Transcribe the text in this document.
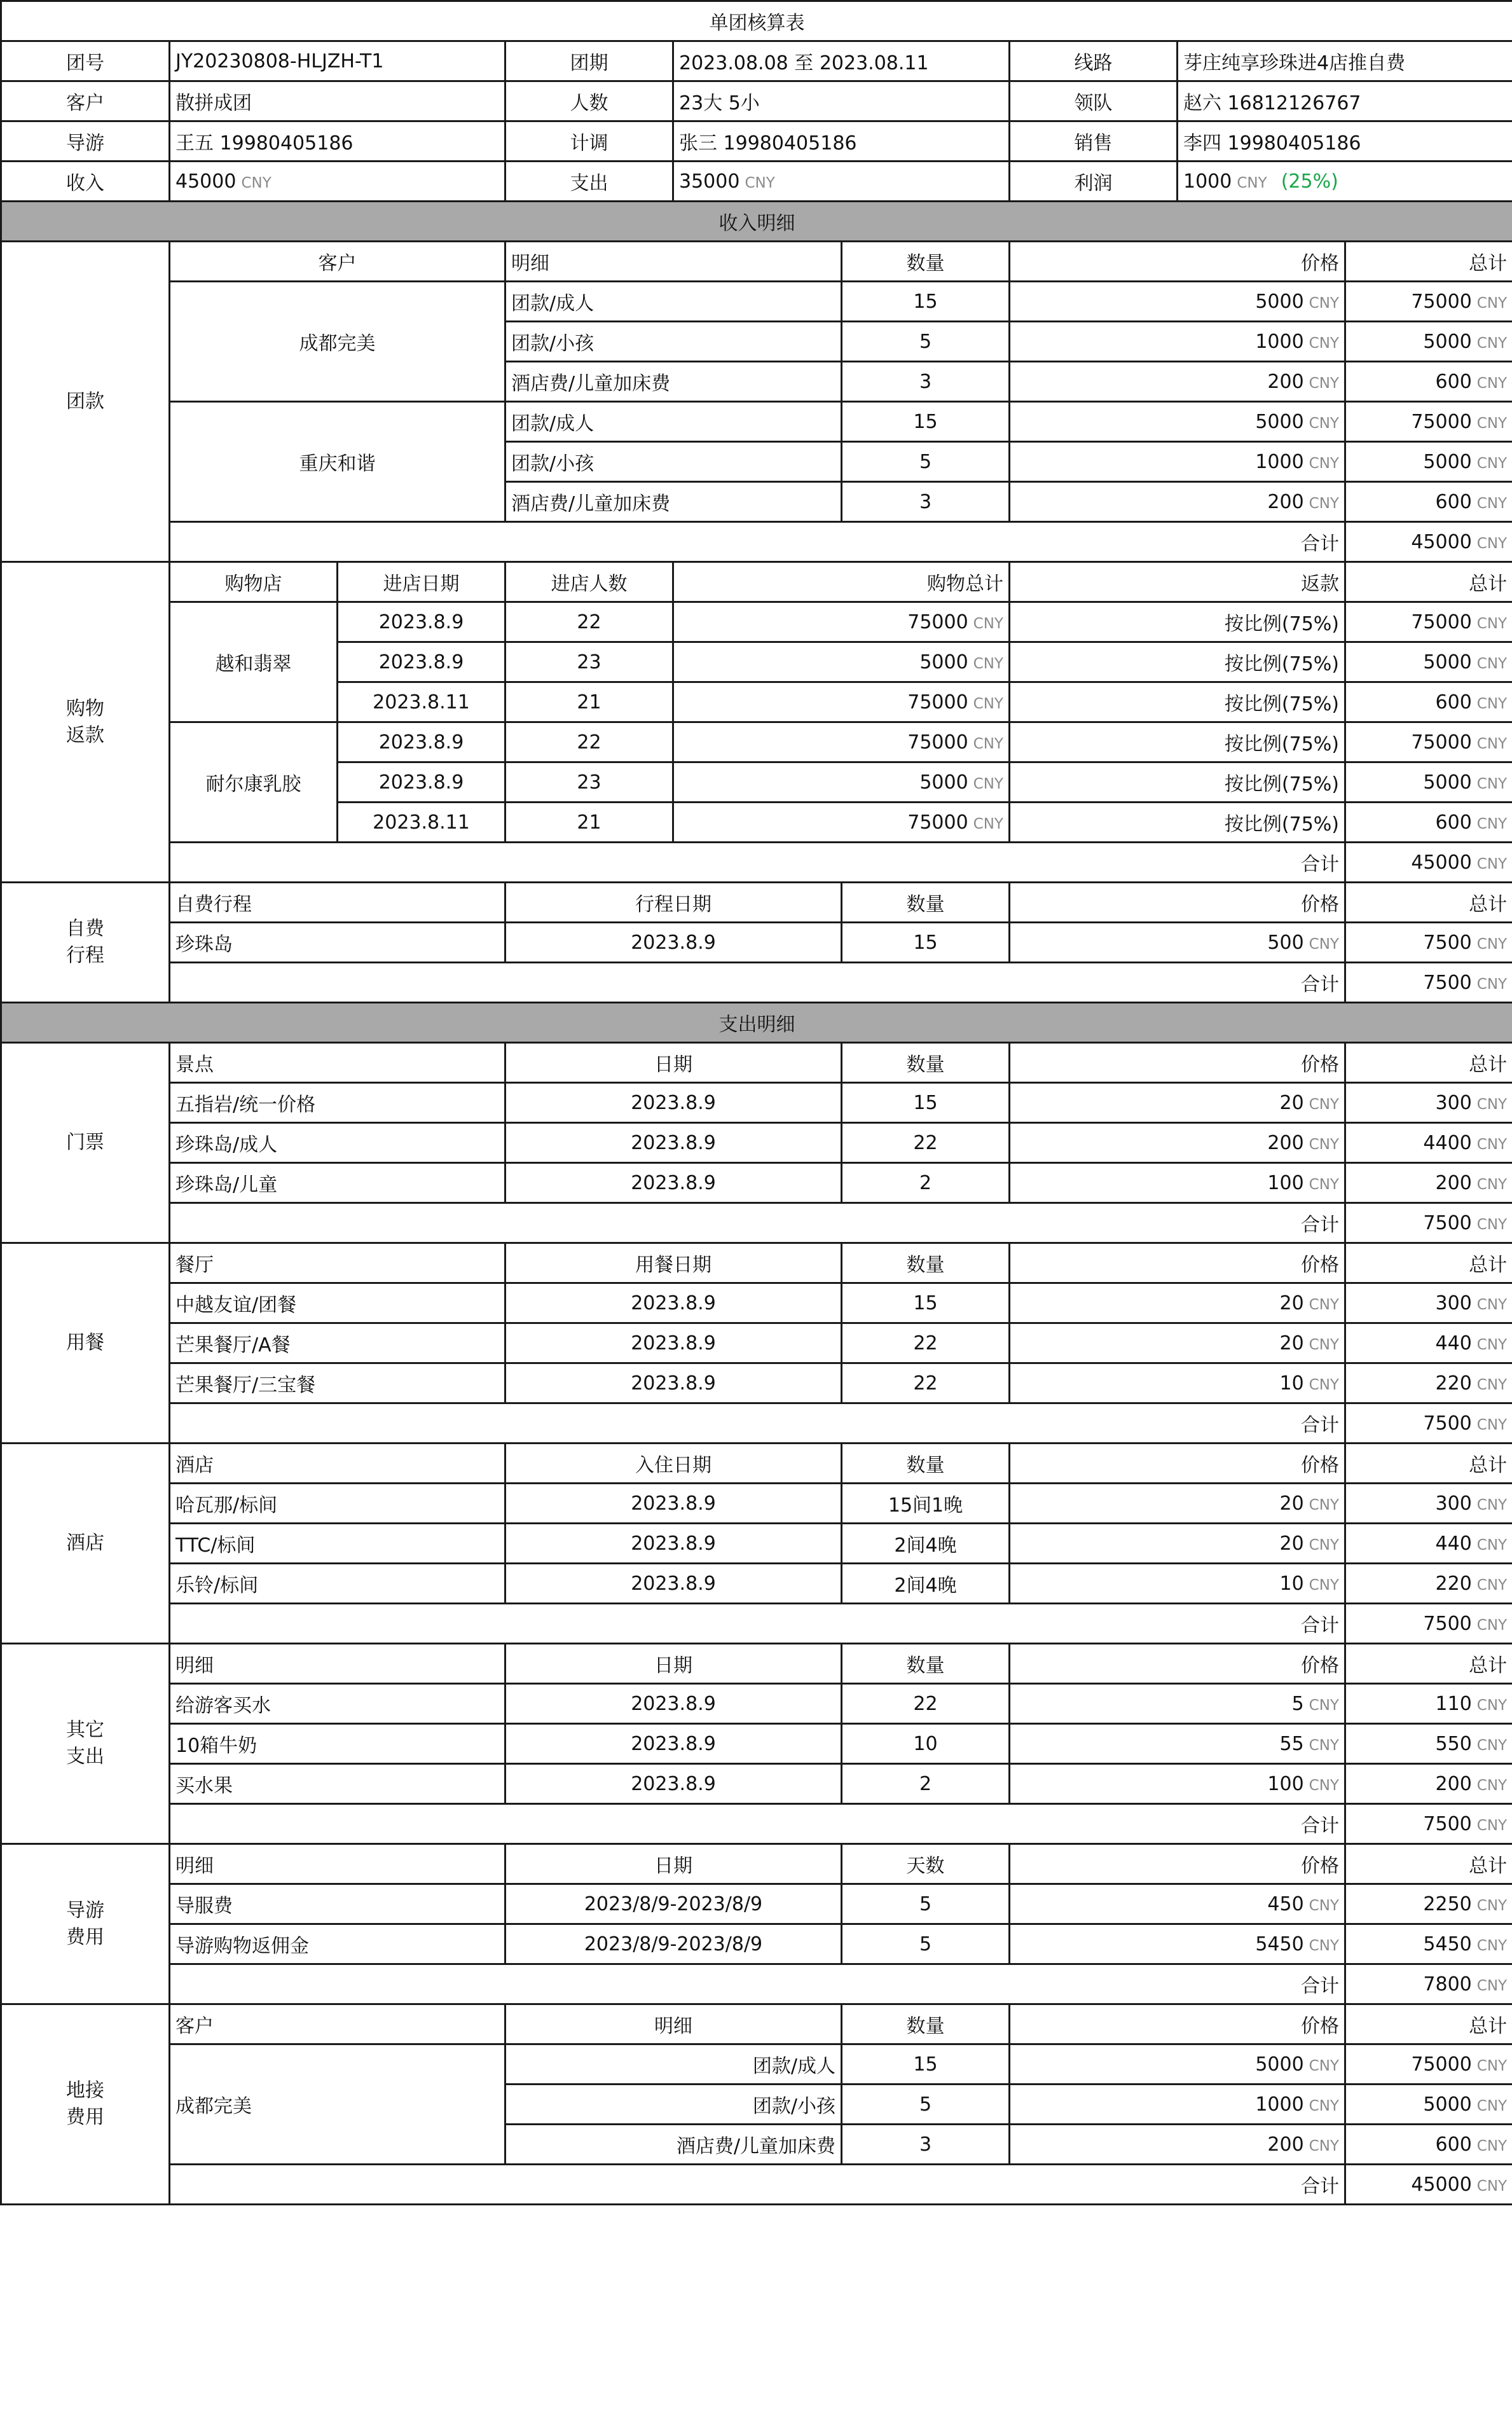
单团核算表								
团号	JY20230808-HLJZH-T1		团期	2023.08.08 至 2023.08.11		线路	芽庄纯享珍珠进4店推自费	
客户	散拼成团		人数	23大 5小		领队	赵六 16812126767	
导游	王五 19980405186		计调	张三 19980405186		销售	李四 19980405186	
收入	45000 CNY		支出	35000 CNY		利润	1000 CNY (25%)	
收入明细								
团款	客户		明细		数量	价格		总计
	成都完美		团款/成人		15	5000 CNY		75000 CNY
			团款/小孩		5	1000 CNY		5000 CNY
			酒店费/儿童加床费		3	200 CNY		600 CNY
	重庆和谐		团款/成人		15	5000 CNY		75000 CNY
			团款/小孩		5	1000 CNY		5000 CNY
			酒店费/儿童加床费		3	200 CNY		600 CNY
	合计							45000 CNY

购物
返款	购物店	进店日期	进店人数	购物总计		返款		总计
	越和翡翠	2023.8.9	22	75000 CNY		按比例(75%)		75000 CNY
		2023.8.9	23	5000 CNY		按比例(75%)		5000 CNY
		2023.8.11	21	75000 CNY		按比例(75%)		600 CNY
	耐尔康乳胶	2023.8.9	22	75000 CNY		按比例(75%)		75000 CNY
		2023.8.9	23	5000 CNY		按比例(75%)		5000 CNY
		2023.8.11	21	75000 CNY		按比例(75%)		600 CNY
	合计							45000 CNY

自费
行程	自费行程		行程日期		数量	价格		总计
	珍珠岛		2023.8.9		15	500 CNY		7500 CNY
	合计							7500 CNY
支出明细								
门票	景点		日期		数量	价格		总计
	五指岩/统一价格		2023.8.9		15	20 CNY		300 CNY
	珍珠岛/成人		2023.8.9		22	200 CNY		4400 CNY
	珍珠岛/儿童		2023.8.9		2	100 CNY		200 CNY
	合计							7500 CNY
用餐	餐厅		用餐日期		数量	价格		总计
	中越友谊/团餐		2023.8.9		15	20 CNY		300 CNY
	芒果餐厅/A餐		2023.8.9		22	20 CNY		440 CNY
	芒果餐厅/三宝餐		2023.8.9		22	10 CNY		220 CNY
	合计							7500 CNY
酒店	酒店		入住日期		数量	价格		总计
	哈瓦那/标间		2023.8.9		15间1晚	20 CNY		300 CNY
	TTC/标间		2023.8.9		2间4晚	20 CNY		440 CNY
	乐铃/标间		2023.8.9		2间4晚	10 CNY		220 CNY
	合计							7500 CNY

其它
支出	明细		日期		数量	价格		总计
	给游客买水		2023.8.9		22	5 CNY		110 CNY
	10箱牛奶		2023.8.9		10	55 CNY		550 CNY
	买水果		2023.8.9		2	100 CNY		200 CNY
	合计							7500 CNY

导游
费用	明细		日期		天数	价格		总计
	导服费		2023/8/9-2023/8/9		5	450 CNY		2250 CNY
	导游购物返佣金		2023/8/9-2023/8/9		5	5450 CNY		5450 CNY
	合计							7800 CNY

地接
费用	客户		明细		数量	价格		总计
	成都完美		团款/成人		15	5000 CNY		75000 CNY
			团款/小孩		5	1000 CNY		5000 CNY
			酒店费/儿童加床费		3	200 CNY		600 CNY
	合计							45000 CNY
